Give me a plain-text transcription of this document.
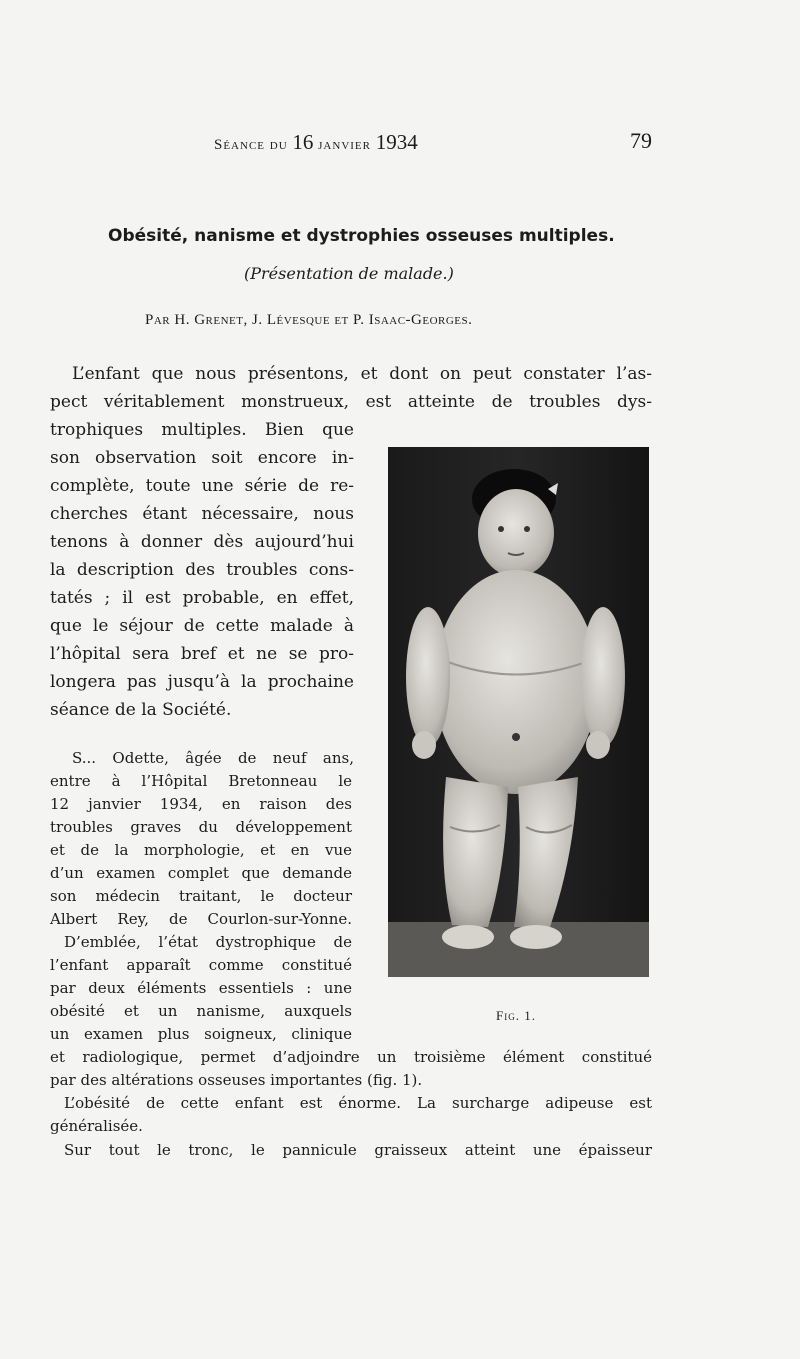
Séance du 16 janvier 1934	79
Obésité, nanisme et dystrophies osseuses multiples.
(Présentation de malade.)
Par H. Grenet, J. Lévesque et P. Isaac-Georges.
L’enfant que nous présentons, et dont on peut constater l’as-
pect véritablement monstrueux, est atteinte de troubles dys-
trophiques multiples. Bien que
son observation soit encore in-
complète, toute une série de re-
cherches étant nécessaire, nous
tenons à donner dès aujourd’hui
la description des troubles cons-
tatés ; il est probable, en effet,
que le séjour de cette malade à
l’hôpital sera bref et ne se pro-
longera pas jusqu’à la prochaine
séance de la Société.
S... Odette, âgée de neuf ans,
entre à l’Hôpital Bretonneau le
12 janvier 1934, en raison des
troubles graves du développement
et de la morphologie, et en vue
d’un examen complet que demande
son médecin traitant, le docteur
Albert Rey, de Courlon-sur-Yonne.
D’emblée, l’état dystrophique de
l’enfant apparaît comme constitué
par deux éléments essentiels : une
obésité et un nanisme, auxquels
un examen plus soigneux, clinique
et radiologique, permet d’adjoindre un troisième élément constitué
par des altérations osseuses importantes (fig. 1).
L’obésité de cette enfant est énorme. La surcharge adipeuse est
généralisée.
Sur tout le tronc, le pannicule graisseux atteint une épaisseur
Fig. 1.
